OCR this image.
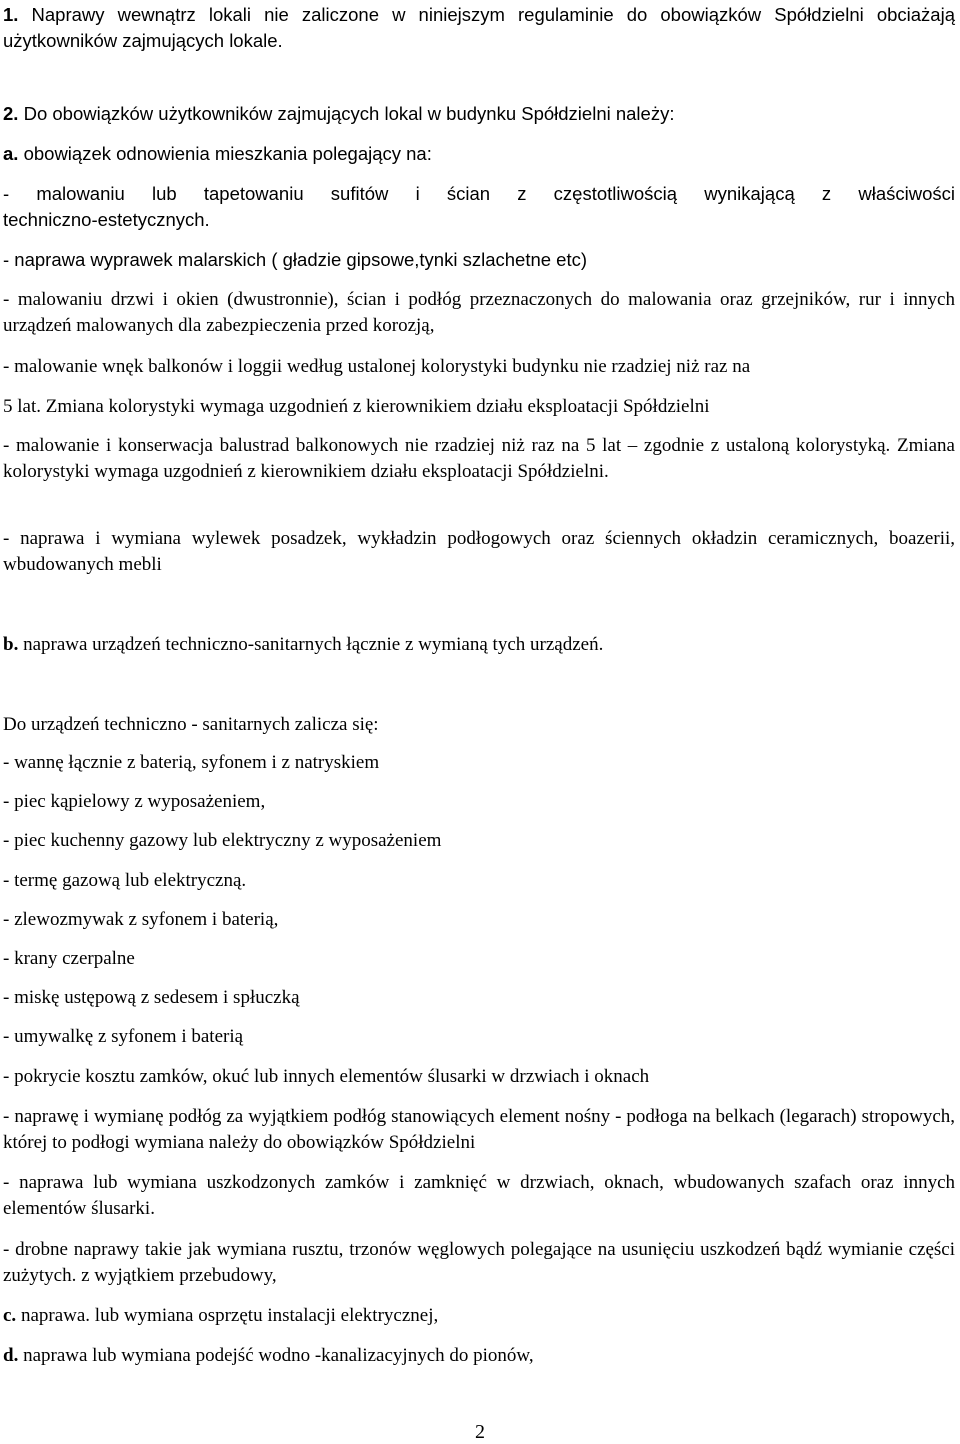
1. Naprawy wewnątrz lokali nie zaliczone w niniejszym regulaminie do obowiązków Spółdzielni obciażają użytkowników zajmujących lokale.

2. Do obowiązków użytkowników zajmujących lokal w budynku Spółdzielni należy:

a. obowiązek odnowienia mieszkania polegający na:

- malowaniu lub tapetowaniu sufitów i ścian z częstotliwością wynikającą z właściwości

techniczno-estetycznych.

- naprawa wyprawek malarskich ( gładzie gipsowe,tynki szlachetne etc)

- malowaniu drzwi i okien (dwustronnie), ścian i podłóg przeznaczonych do malowania oraz grzejników, rur i innych urządzeń malowanych dla zabezpieczenia przed korozją,

- malowanie wnęk balkonów i loggii według ustalonej kolorystyki budynku nie rzadziej niż raz na

5 lat. Zmiana kolorystyki wymaga uzgodnień z kierownikiem działu eksploatacji Spółdzielni

- malowanie i konserwacja balustrad balkonowych nie rzadziej niż raz na 5 lat – zgodnie z ustaloną kolorystyką. Zmiana kolorystyki wymaga uzgodnień z kierownikiem działu eksploatacji Spółdzielni.

- naprawa i wymiana wylewek posadzek, wykładzin podłogowych oraz ściennych okładzin ceramicznych, boazerii, wbudowanych mebli

b. naprawa urządzeń techniczno-sanitarnych łącznie z wymianą tych urządzeń.

Do urządzeń techniczno - sanitarnych zalicza się:

- wannę łącznie z baterią, syfonem i z natryskiem

- piec kąpielowy z wyposażeniem,

- piec kuchenny gazowy lub elektryczny z wyposażeniem

- termę gazową lub elektryczną.

- zlewozmywak z syfonem i baterią,

- krany czerpalne

- miskę ustępową z sedesem i spłuczką

- umywalkę z syfonem i baterią

- pokrycie kosztu zamków, okuć lub innych elementów ślusarki w drzwiach i oknach

- naprawę i wymianę podłóg za wyjątkiem podłóg stanowiących element nośny - podłoga na belkach (legarach) stropowych, której to podłogi wymiana należy do obowiązków Spółdzielni

- naprawa lub wymiana uszkodzonych zamków i zamknięć w drzwiach, oknach, wbudowanych szafach oraz innych elementów ślusarki.

- drobne naprawy takie jak wymiana rusztu, trzonów węglowych polegające na usunięciu uszkodzeń bądź wymianie części zużytych. z wyjątkiem przebudowy,

c. naprawa. lub wymiana osprzętu instalacji elektrycznej,

d. naprawa lub wymiana podejść wodno -kanalizacyjnych do pionów,

2
